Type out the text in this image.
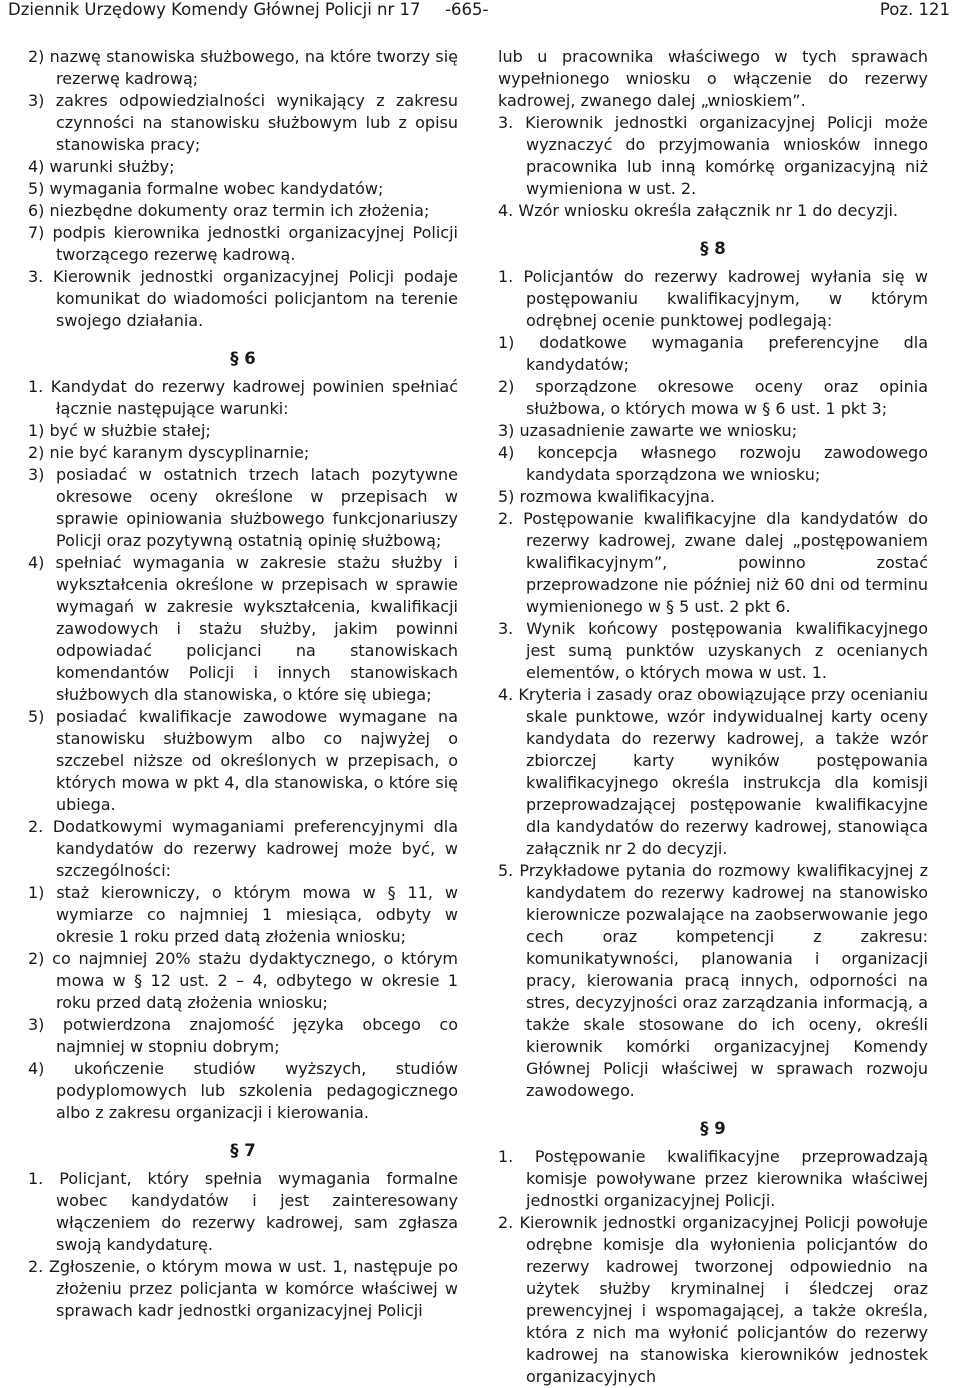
Dziennik Urzędowy Komendy Głównej Policji nr 17 -665-	Poz. 121

2) nazwę stanowiska służbowego, na które tworzy się rezerwę kadrową;

3) zakres odpowiedzialności wynikający z zakresu czynności na stanowisku służbowym lub z opisu stanowiska pracy;

4) warunki służby;

5) wymagania formalne wobec kandydatów;

6) niezbędne dokumenty oraz termin ich złożenia;

7) podpis kierownika jednostki organizacyjnej Policji tworzącego rezerwę kadrową.

3. Kierownik jednostki organizacyjnej Policji podaje komunikat do wiadomości policjantom na terenie swojego działania.

§ 6

1. Kandydat do rezerwy kadrowej powinien spełniać łącznie następujące warunki:

1) być w służbie stałej;

2) nie być karanym dyscyplinarnie;

3) posiadać w ostatnich trzech latach pozytywne okresowe oceny określone w przepisach w sprawie opiniowania służbowego funkcjonariuszy Policji oraz pozytywną ostatnią opinię służbową;

4) spełniać wymagania w zakresie stażu służby i wykształcenia określone w przepisach w sprawie wymagań w zakresie wykształcenia, kwalifikacji zawodowych i stażu służby, jakim powinni odpowiadać policjanci na stanowiskach komendantów Policji i innych stanowiskach służbowych dla stanowiska, o które się ubiega;

5) posiadać kwalifikacje zawodowe wymagane na stanowisku służbowym albo co najwyżej o szczebel niższe od określonych w przepisach, o których mowa w pkt 4, dla stanowiska, o które się ubiega.

2. Dodatkowymi wymaganiami preferencyjnymi dla kandydatów do rezerwy kadrowej może być, w szczególności:

1) staż kierowniczy, o którym mowa w § 11, w wymiarze co najmniej 1 miesiąca, odbyty w okresie 1 roku przed datą złożenia wniosku;

2) co najmniej 20% stażu dydaktycznego, o którym mowa w § 12 ust. 2 – 4, odbytego w okresie 1 roku przed datą złożenia wniosku;

3) potwierdzona znajomość języka obcego co najmniej w stopniu dobrym;

4) ukończenie studiów wyższych, studiów podyplomowych lub szkolenia pedagogicznego albo z zakresu organizacji i kierowania.

§ 7

1. Policjant, który spełnia wymagania formalne wobec kandydatów i jest zainteresowany włączeniem do rezerwy kadrowej, sam zgłasza swoją kandydaturę.

2. Zgłoszenie, o którym mowa w ust. 1, następuje po złożeniu przez policjanta w komórce właściwej w sprawach kadr jednostki organizacyjnej Policji

lub u pracownika właściwego w tych sprawach wypełnionego wniosku o włączenie do rezerwy kadrowej, zwanego dalej „wnioskiem”.

3. Kierownik jednostki organizacyjnej Policji może wyznaczyć do przyjmowania wniosków innego pracownika lub inną komórkę organizacyjną niż wymieniona w ust. 2.

4. Wzór wniosku określa załącznik nr 1 do decyzji.

§ 8

1. Policjantów do rezerwy kadrowej wyłania się w postępowaniu kwalifikacyjnym, w którym odrębnej ocenie punktowej podlegają:

1) dodatkowe wymagania preferencyjne dla kandydatów;

2) sporządzone okresowe oceny oraz opinia służbowa, o których mowa w § 6 ust. 1 pkt 3;

3) uzasadnienie zawarte we wniosku;

4) koncepcja własnego rozwoju zawodowego kandydata sporządzona we wniosku;

5) rozmowa kwalifikacyjna.

2. Postępowanie kwalifikacyjne dla kandydatów do rezerwy kadrowej, zwane dalej „postępowaniem kwalifikacyjnym”, powinno zostać przeprowadzone nie później niż 60 dni od terminu wymienionego w § 5 ust. 2 pkt 6.

3. Wynik końcowy postępowania kwalifikacyjnego jest sumą punktów uzyskanych z ocenianych elementów, o których mowa w ust. 1.

4. Kryteria i zasady oraz obowiązujące przy ocenianiu skale punktowe, wzór indywidualnej karty oceny kandydata do rezerwy kadrowej, a także wzór zbiorczej karty wyników postępowania kwalifikacyjnego określa instrukcja dla komisji przeprowadzającej postępowanie kwalifikacyjne dla kandydatów do rezerwy kadrowej, stanowiąca załącznik nr 2 do decyzji.

5. Przykładowe pytania do rozmowy kwalifikacyjnej z kandydatem do rezerwy kadrowej na stanowisko kierownicze pozwalające na zaobserwowanie jego cech oraz kompetencji z zakresu: komunikatywności, planowania i organizacji pracy, kierowania pracą innych, odporności na stres, decyzyjności oraz zarządzania informacją, a także skale stosowane do ich oceny, określi kierownik komórki organizacyjnej Komendy Głównej Policji właściwej w sprawach rozwoju zawodowego.

§ 9

1. Postępowanie kwalifikacyjne przeprowadzają komisje powoływane przez kierownika właściwej jednostki organizacyjnej Policji.

2. Kierownik jednostki organizacyjnej Policji powołuje odrębne komisje dla wyłonienia policjantów do rezerwy kadrowej tworzonej odpowiednio na użytek służby kryminalnej i śledczej oraz prewencyjnej i wspomagającej, a także określa, która z nich ma wyłonić policjantów do rezerwy kadrowej na stanowiska kierowników jednostek organizacyjnych
